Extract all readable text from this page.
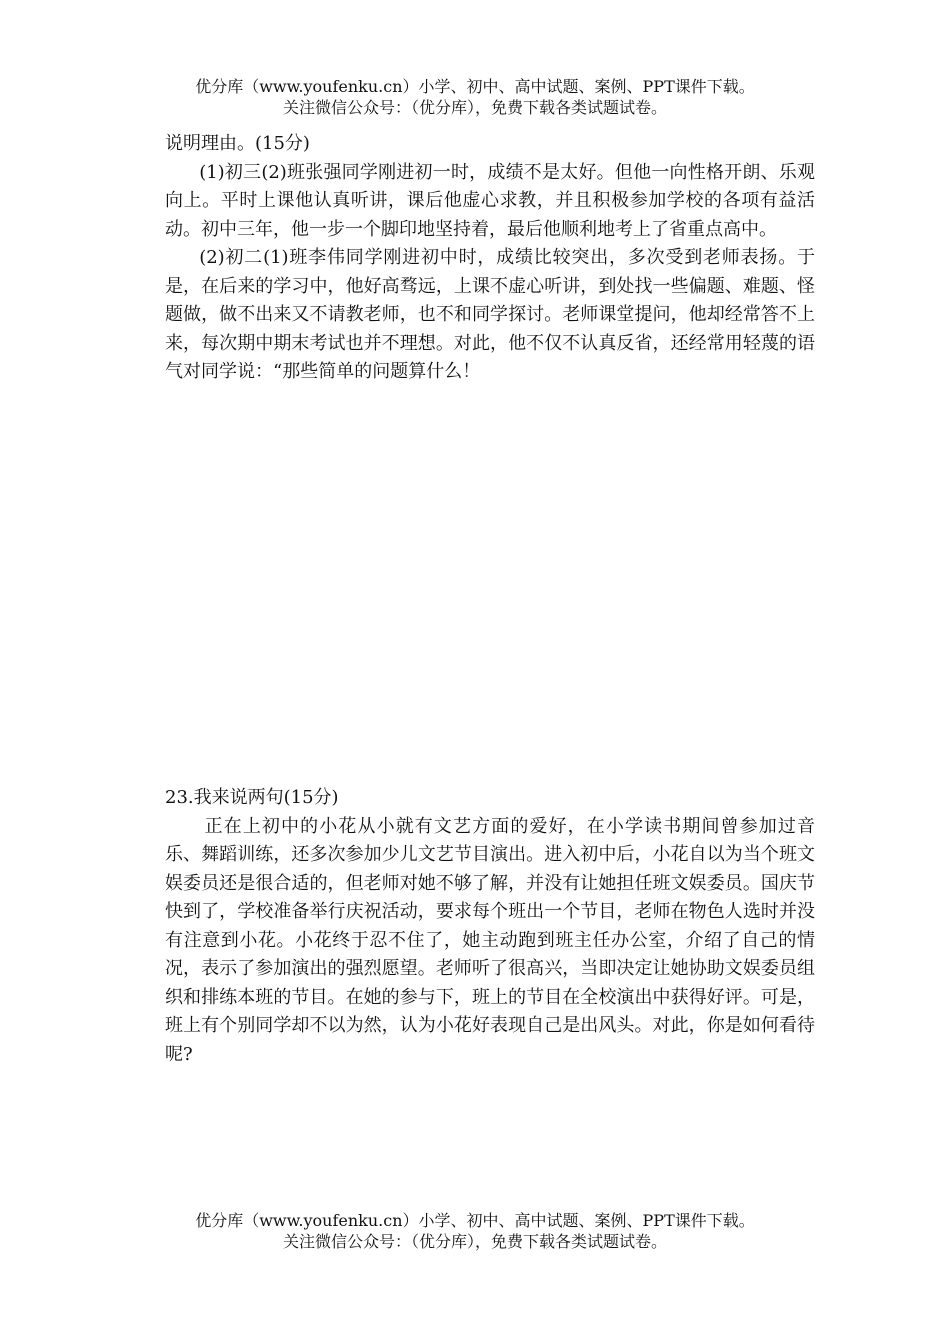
优分库（www.youfenku.cn）小学、初中、高中试题、案例、PPT课件下载。
关注微信公众号：（优分库），免费下载各类试题试卷。

说明理由。(15分)

(1)初三(2)班张强同学刚进初一时，成绩不是太好。但他一向性格开朗、乐观向上。平时上课他认真听讲，课后他虚心求教，并且积极参加学校的各项有益活动。初中三年，他一步一个脚印地坚持着，最后他顺利地考上了省重点高中。

(2)初二(1)班李伟同学刚进初中时，成绩比较突出，多次受到老师表扬。于是，在后来的学习中，他好高骛远，上课不虚心听讲，到处找一些偏题、难题、怪题做，做不出来又不请教老师，也不和同学探讨。老师课堂提问，他却经常答不上来，每次期中期末考试也并不理想。对此，他不仅不认真反省，还经常用轻蔑的语气对同学说：“那些简单的问题算什么！

23.我来说两句(15分)

正在上初中的小花从小就有文艺方面的爱好，在小学读书期间曾参加过音乐、舞蹈训练，还多次参加少儿文艺节目演出。进入初中后，小花自以为当个班文娱委员还是很合适的，但老师对她不够了解，并没有让她担任班文娱委员。国庆节快到了，学校准备举行庆祝活动，要求每个班出一个节目，老师在物色人选时并没有注意到小花。小花终于忍不住了，她主动跑到班主任办公室，介绍了自己的情况，表示了参加演出的强烈愿望。老师听了很高兴，当即决定让她协助文娱委员组织和排练本班的节目。在她的参与下，班上的节目在全校演出中获得好评。可是，班上有个别同学却不以为然，认为小花好表现自己是出风头。对此，你是如何看待呢?

优分库（www.youfenku.cn）小学、初中、高中试题、案例、PPT课件下载。
关注微信公众号：（优分库），免费下载各类试题试卷。
